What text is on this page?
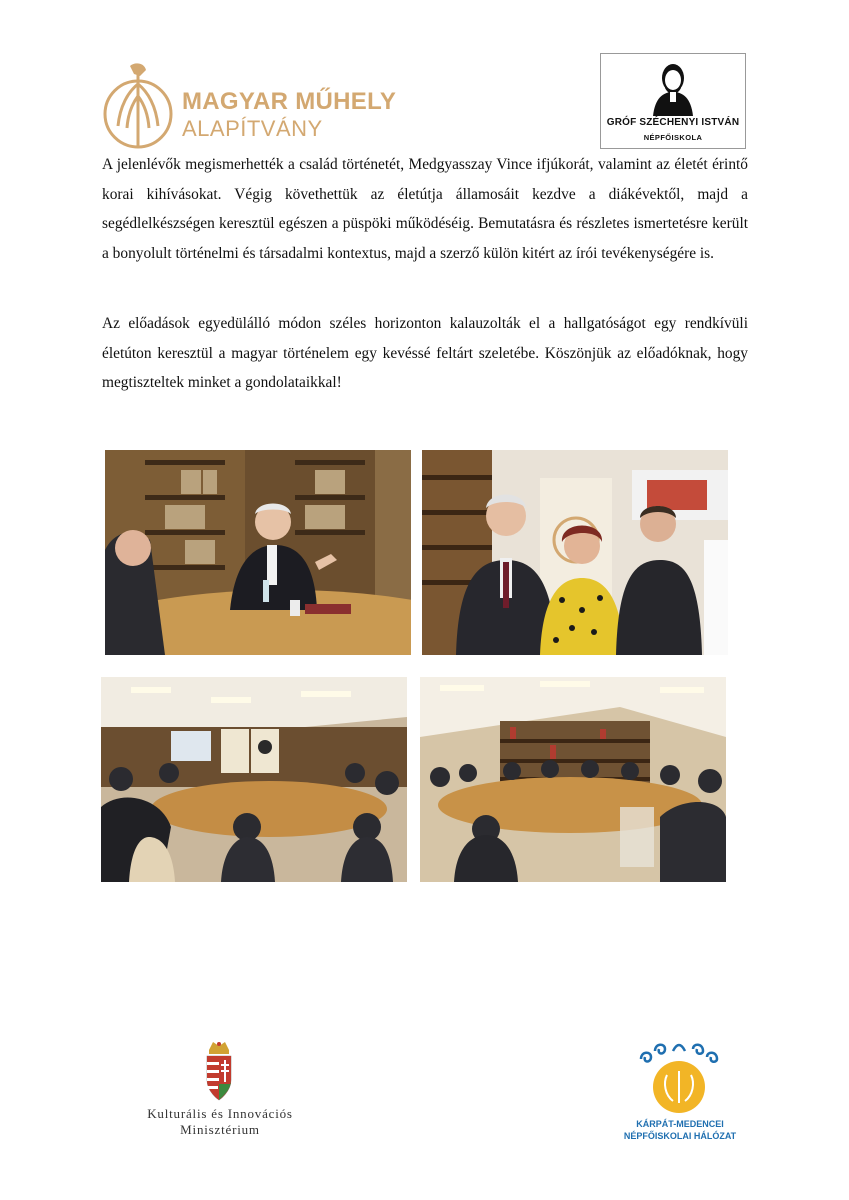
MAGYAR MŰHELY
ALAPÍTVÁNY	GRÓF SZÉCHENYI ISTVÁN
NÉPFŐISKOLA

A jelenlévők megismerhették a család történetét, Medgyasszay Vince ifjúkorát, valamint az életét érintő korai kihívásokat. Végig követhettük az életútja államosáit kezdve a diákévektől, majd a segédlelkészségen keresztül egészen a püspöki működéséig. Bemutatásra és részletes ismertetésre került a bonyolult történelmi és társadalmi kontextus, majd a szerző külön kitért az írói tevékenységére is.

Az előadások egyedülálló módon széles horizonton kalauzolták el a hallgatóságot egy rendkívüli életúton keresztül a magyar történelem egy kevéssé feltárt szeletébe. Köszönjük az előadóknak, hogy megtiszteltek minket a gondolataikkal!

Kulturális és Innovációs
Minisztérium	KÁRPÁT-MEDENCEI
NÉPFŐISKOLAI HÁLÓZAT
